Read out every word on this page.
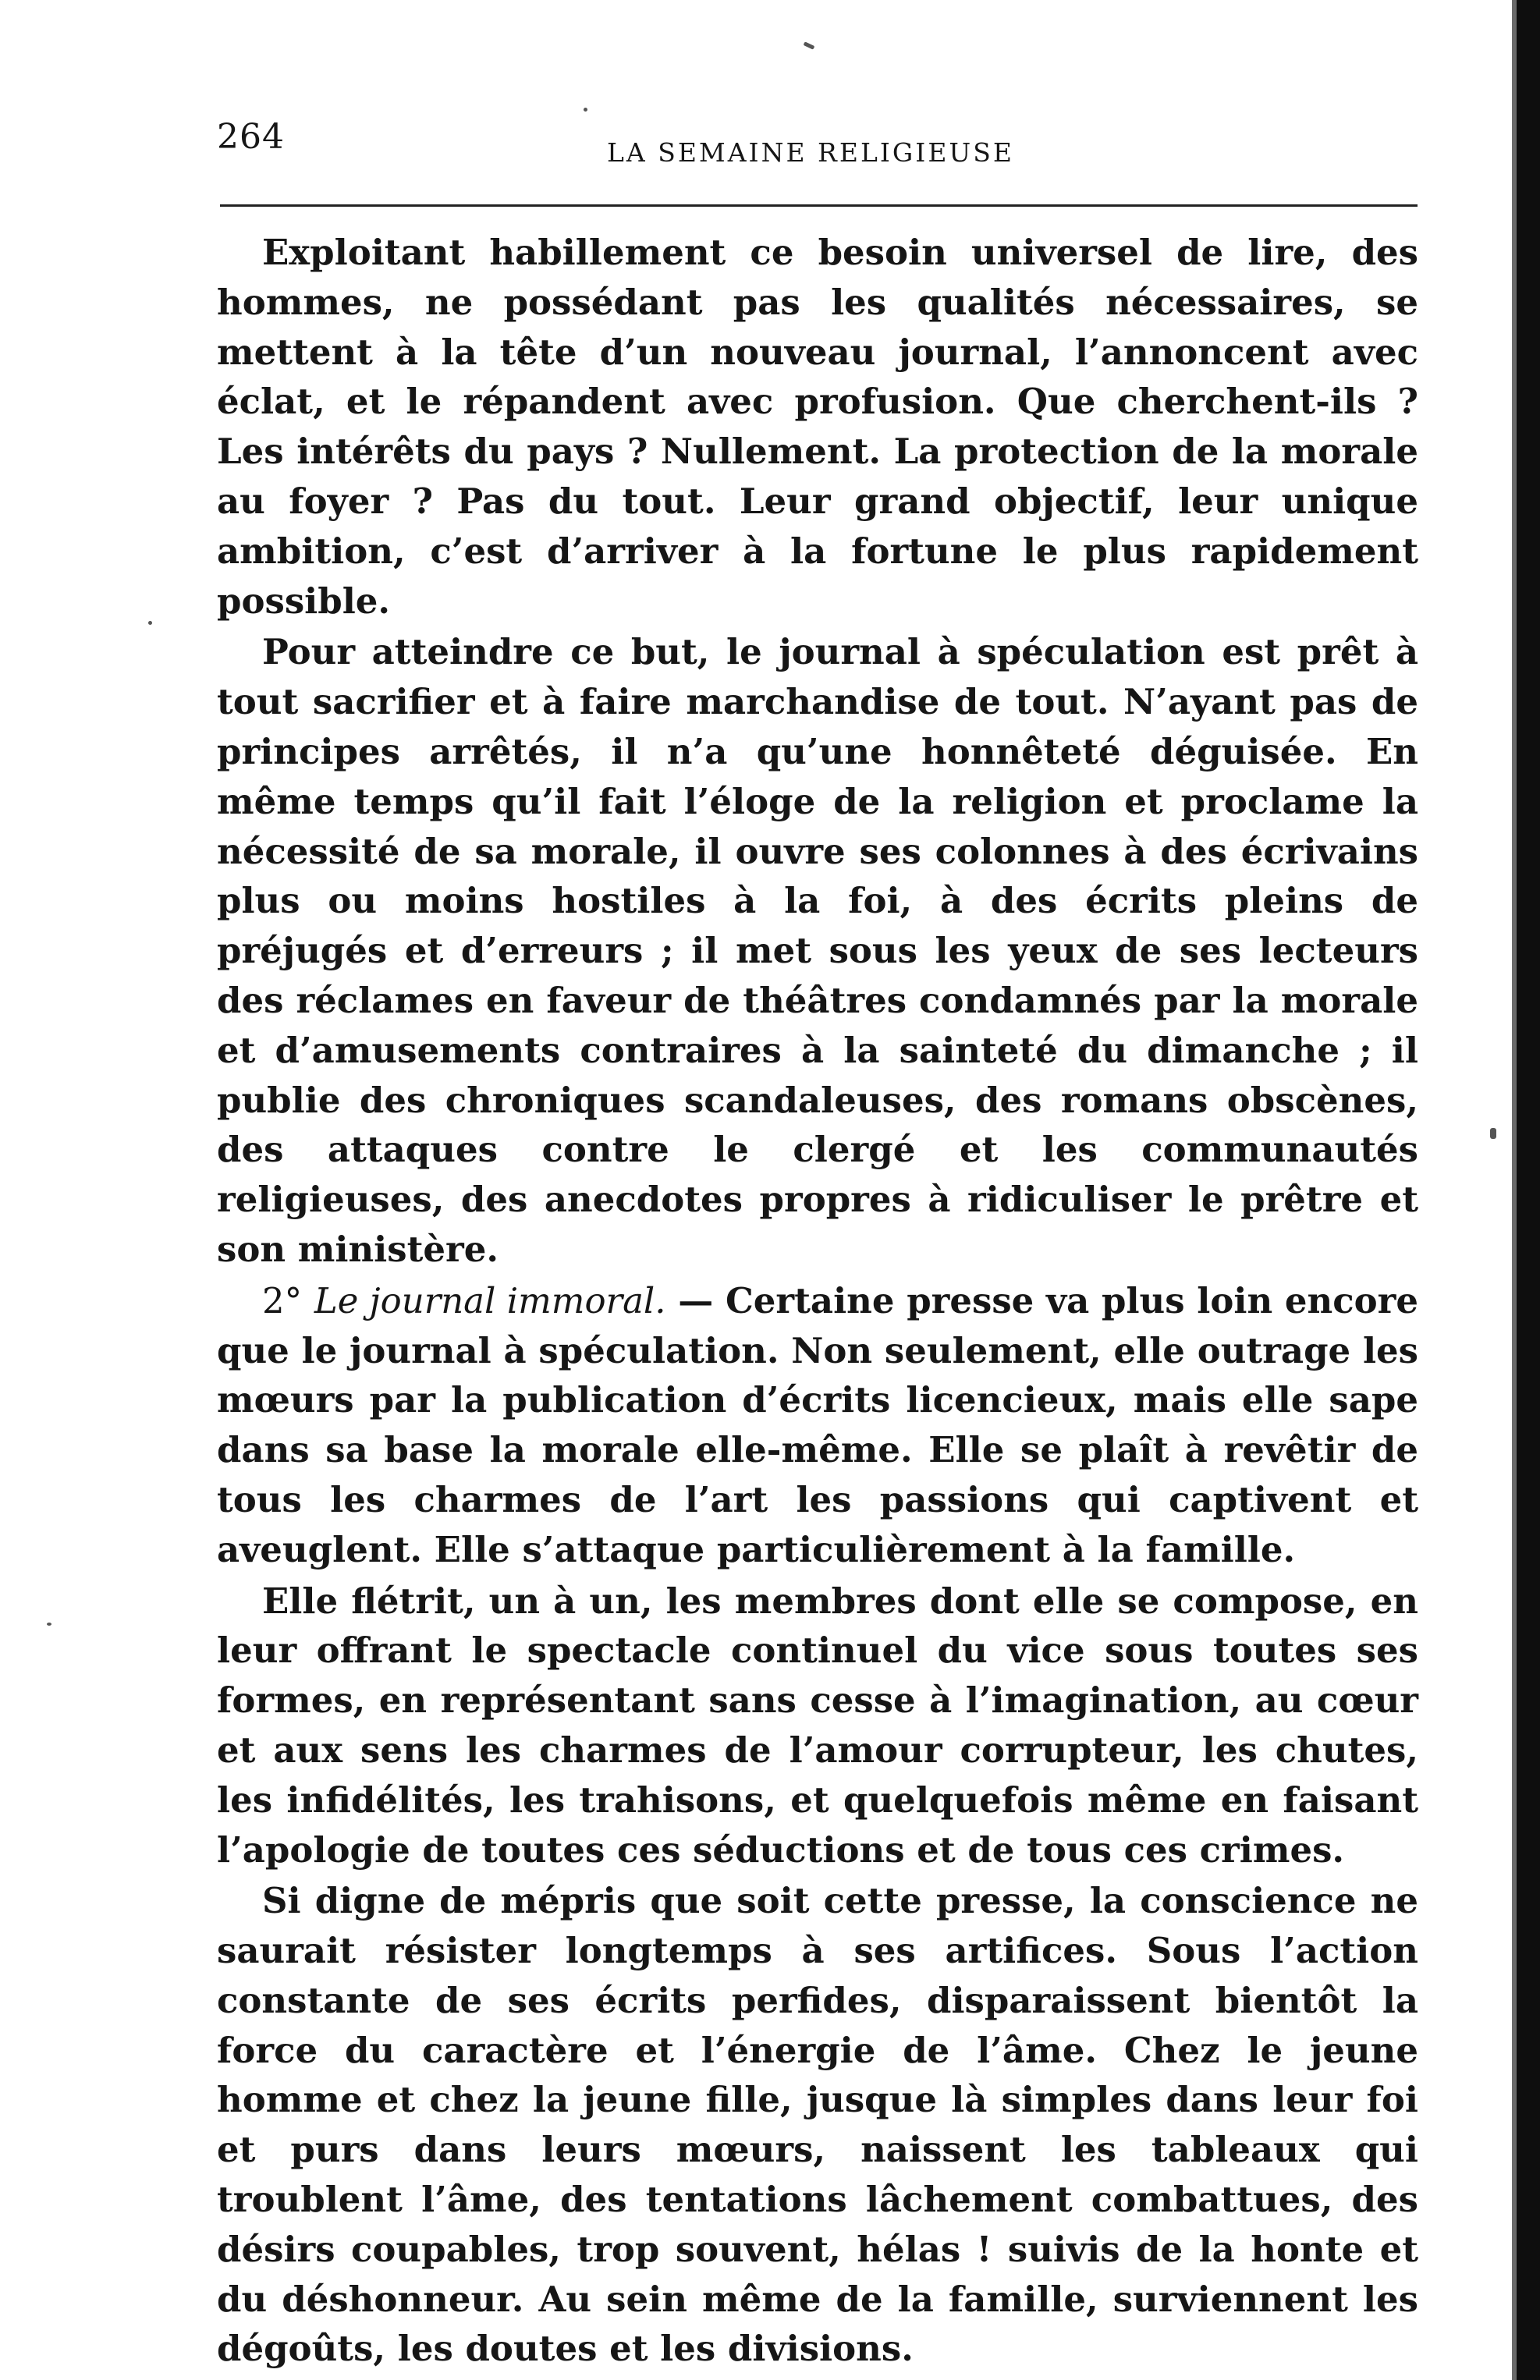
264	LA SEMAINE RELIGIEUSE

Exploitant habillement ce besoin universel de lire, des hommes, ne possédant pas les qualités nécessaires, se mettent à la tête d’un nouveau journal, l’annoncent avec éclat, et le répandent avec profusion. Que cherchent-ils ? Les intérêts du pays ? Nullement. La protection de la morale au foyer ? Pas du tout. Leur grand objectif, leur unique ambition, c’est d’arriver à la fortune le plus rapidement possible.

Pour atteindre ce but, le journal à spéculation est prêt à tout sacrifier et à faire marchandise de tout. N’ayant pas de principes arrêtés, il n’a qu’une honnêteté déguisée. En même temps qu’il fait l’éloge de la religion et proclame la nécessité de sa morale, il ouvre ses colonnes à des écrivains plus ou moins hostiles à la foi, à des écrits pleins de préjugés et d’erreurs ; il met sous les yeux de ses lecteurs des réclames en faveur de théâtres condamnés par la morale et d’amusements contraires à la sainteté du dimanche ; il publie des chroniques scandaleuses, des romans obscènes, des attaques contre le clergé et les communautés religieuses, des anecdotes propres à ridiculiser le prêtre et son ministère.

2° Le journal immoral. — Certaine presse va plus loin encore que le journal à spéculation. Non seulement, elle outrage les mœurs par la publication d’écrits licencieux, mais elle sape dans sa base la morale elle-même. Elle se plaît à revêtir de tous les charmes de l’art les passions qui captivent et aveuglent. Elle s’attaque particulièrement à la famille.

Elle flétrit, un à un, les membres dont elle se compose, en leur offrant le spectacle continuel du vice sous toutes ses formes, en représentant sans cesse à l’imagination, au cœur et aux sens les charmes de l’amour corrupteur, les chutes, les infidélités, les trahisons, et quelquefois même en faisant l’apologie de toutes ces séductions et de tous ces crimes.

Si digne de mépris que soit cette presse, la conscience ne saurait résister longtemps à ses artifices. Sous l’action constante de ses écrits perfides, disparaissent bientôt la force du caractère et l’énergie de l’âme. Chez le jeune homme et chez la jeune fille, jusque là simples dans leur foi et purs dans leurs mœurs, naissent les tableaux qui troublent l’âme, des tentations lâchement combattues, des désirs coupables, trop souvent, hélas ! suivis de la honte et du déshonneur. Au sein même de la famille, surviennent les dégoûts, les doutes et les divisions.
